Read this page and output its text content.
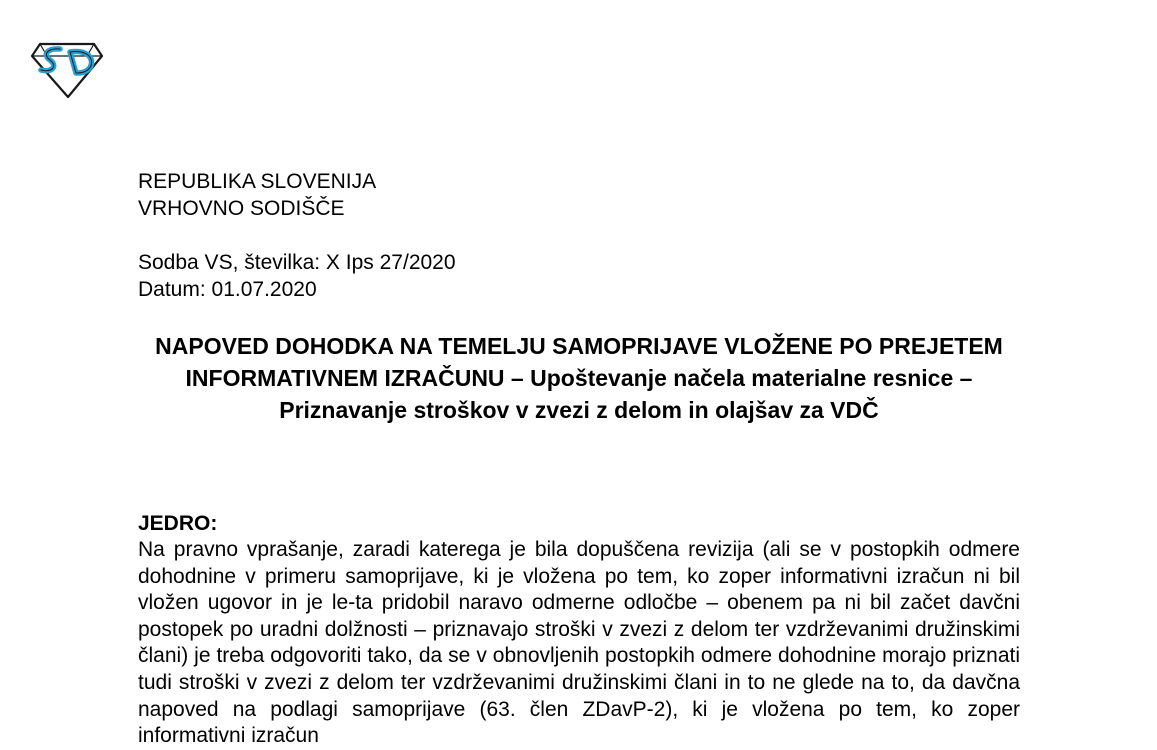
REPUBLIKA SLOVENIJA
VRHOVNO SODIŠČE
Sodba VS, številka: X Ips 27/2020
Datum: 01.07.2020

NAPOVED DOHODKA NA TEMELJU SAMOPRIJAVE VLOŽENE PO PREJETEM INFORMATIVNEM IZRAČUNU – Upoštevanje načela materialne resnice – Priznavanje stroškov v zvezi z delom in olajšav za VDČ

JEDRO:

Na pravno vprašanje, zaradi katerega je bila dopuščena revizija (ali se v postopkih odmere dohodnine v primeru samoprijave, ki je vložena po tem, ko zoper informativni izračun ni bil vložen ugovor in je le-ta pridobil naravo odmerne odločbe – obenem pa ni bil začet davčni postopek po uradni dolžnosti – priznavajo stroški v zvezi z delom ter vzdrževanimi družinskimi člani) je treba odgovoriti tako, da se v obnovljenih postopkih odmere dohodnine morajo priznati tudi stroški v zvezi z delom ter vzdrževanimi družinskimi člani in to ne glede na to, da davčna napoved na podlagi samoprijave (63. člen ZDavP-2), ki je vložena po tem, ko zoper informativni izračun
